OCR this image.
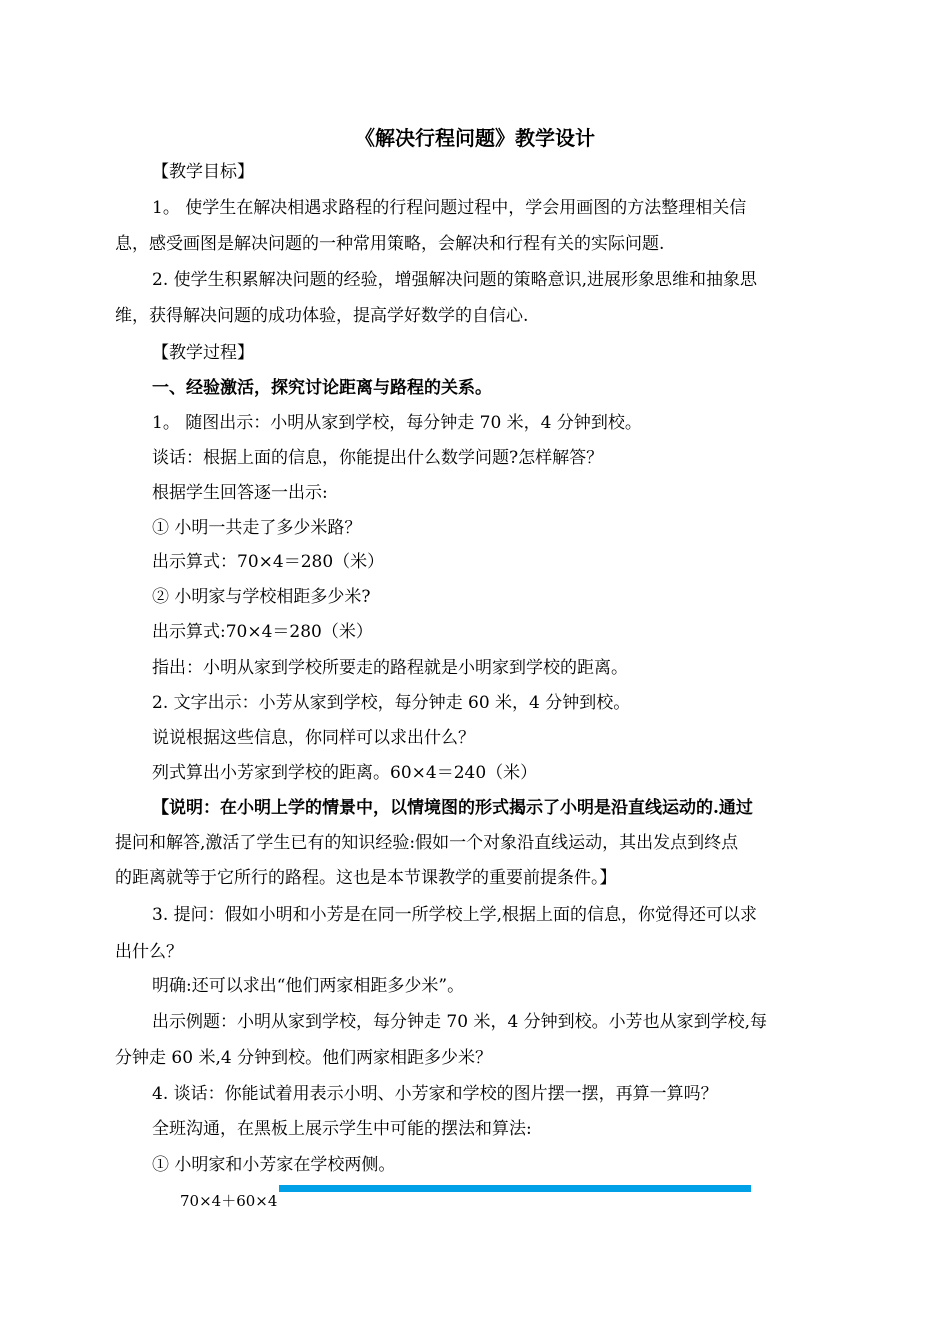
《解决行程问题》教学设计
【教学目标】
1。 使学生在解决相遇求路程的行程问题过程中，学会用画图的方法整理相关信
息，感受画图是解决问题的一种常用策略，会解决和行程有关的实际问题.
2. 使学生积累解决问题的经验，增强解决问题的策略意识,进展形象思维和抽象思
维，获得解决问题的成功体验，提高学好数学的自信心.
【教学过程】
一、经验激活，探究讨论距离与路程的关系。
1。 随图出示：小明从家到学校，每分钟走 70 米，4 分钟到校。
谈话：根据上面的信息，你能提出什么数学问题?怎样解答？
根据学生回答逐一出示:
① 小明一共走了多少米路？
出示算式：70×4＝280（米）
② 小明家与学校相距多少米?
出示算式:70×4＝280（米）
指出：小明从家到学校所要走的路程就是小明家到学校的距离。
2. 文字出示：小芳从家到学校，每分钟走 60 米，4 分钟到校。
说说根据这些信息，你同样可以求出什么？
列式算出小芳家到学校的距离。60×4＝240（米）
【说明：在小明上学的情景中，以情境图的形式揭示了小明是沿直线运动的.通过
提问和解答,激活了学生已有的知识经验:假如一个对象沿直线运动，其出发点到终点
的距离就等于它所行的路程。这也是本节课教学的重要前提条件。】
3. 提问：假如小明和小芳是在同一所学校上学,根据上面的信息，你觉得还可以求
出什么？
明确:还可以求出“他们两家相距多少米”。
出示例题：小明从家到学校，每分钟走 70 米，4 分钟到校。小芳也从家到学校,每
分钟走 60 米,4 分钟到校。他们两家相距多少米？
4. 谈话：你能试着用表示小明、小芳家和学校的图片摆一摆，再算一算吗？
全班沟通，在黑板上展示学生中可能的摆法和算法:
① 小明家和小芳家在学校两侧。
70×4＋60×4
